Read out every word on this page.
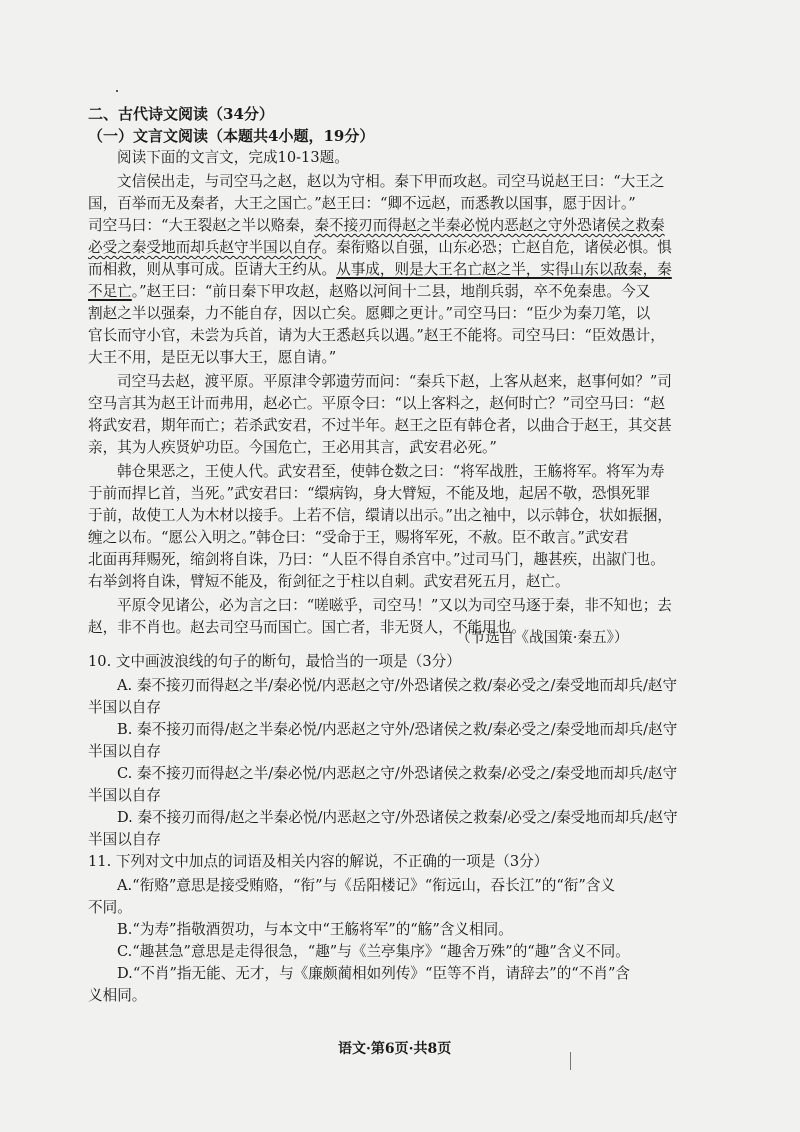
二、古代诗文阅读（34分）
（一）文言文阅读（本题共4小题，19分）
阅读下面的文言文，完成10-13题。
文信侯出走，与司空马之赵，赵以为守相。秦下甲而攻赵。司空马说赵王曰：“大王之
国，百举而无及秦者，大王之国亡。”赵王曰：“卿不远赵，而悉教以国事，愿于因计。”
司空马曰：“大王裂赵之半以赂秦，秦不接刃而得赵之半秦必悦内恶赵之守外恐诸侯之救秦
必受之秦受地而却兵赵守半国以自存。秦衔赂以自强，山东必恐；亡赵自危，诸侯必惧。惧
而相救，则从事可成。臣请大王约从。从事成，则是大王名亡赵之半，实得山东以敌秦，秦
不足亡。”赵王曰：“前日秦下甲攻赵，赵赂以河间十二县，地削兵弱，卒不免秦患。今又
割赵之半以强秦，力不能自存，因以亡矣。愿卿之更计。”司空马曰：“臣少为秦刀笔，以
官长而守小官，未尝为兵首，请为大王悉赵兵以遇。”赵王不能将。司空马曰：“臣效愚计，
大王不用，是臣无以事大王，愿自请。”
司空马去赵，渡平原。平原津令郭遗劳而问：“秦兵下赵，上客从赵来，赵事何如？”司
空马言其为赵王计而弗用，赵必亡。平原令曰：“以上客料之，赵何时亡？”司空马曰：“赵
将武安君，期年而亡；若杀武安君，不过半年。赵王之臣有韩仓者，以曲合于赵王，其交甚
亲，其为人疾贤妒功臣。今国危亡，王必用其言，武安君必死。”
韩仓果恶之，王使人代。武安君至，使韩仓数之曰：“将军战胜，王觞将军。将军为寿
于前而捍匕首，当死。”武安君曰：“缳病钩，身大臂短，不能及地，起居不敬，恐惧死罪
于前，故使工人为木材以接手。上若不信，缳请以出示。”出之袖中，以示韩仓，状如振捆，
缠之以布。“愿公入明之。”韩仓曰：“受命于王，赐将军死，不赦。臣不敢言。”武安君
北面再拜赐死，缩剑将自诛，乃曰：“人臣不得自杀宫中。”过司马门，趣甚疾，出諔门也。
右举剑将自诛，臂短不能及，衔剑征之于柱以自刺。武安君死五月，赵亡。
平原令见诸公，必为言之曰：“嗟嗞乎，司空马！”又以为司空马逐于秦，非不知也；去
赵，非不肖也。赵去司空马而国亡。国亡者，非无贤人，不能用也。
（节选自《战国策·秦五》）
10. 文中画波浪线的句子的断句，最恰当的一项是（3分）
A. 秦不接刃而得赵之半/秦必悦/内恶赵之守/外恐诸侯之救/秦必受之/秦受地而却兵/赵守
半国以自存
B. 秦不接刃而得/赵之半秦必悦/内恶赵之守外/恐诸侯之救/秦必受之/秦受地而却兵/赵守
半国以自存
C. 秦不接刃而得赵之半/秦必悦/内恶赵之守/外恐诸侯之救秦/必受之/秦受地而却兵/赵守
半国以自存
D. 秦不接刃而得/赵之半秦必悦/内恶赵之守/外恐诸侯之救秦/必受之/秦受地而却兵/赵守
半国以自存
11. 下列对文中加点的词语及相关内容的解说，不正确的一项是（3分）
A.“衔赂”意思是接受贿赂，“衔”与《岳阳楼记》“衔远山，吞长江”的“衔”含义
不同。
B.“为寿”指敬酒贺功，与本文中“王觞将军”的“觞”含义相同。
C.“趣甚急”意思是走得很急，“趣”与《兰亭集序》“趣舍万殊”的“趣”含义不同。
D.“不肖”指无能、无才，与《廉颇蔺相如列传》“臣等不肖，请辞去”的“不肖”含
义相同。
语文·第6页·共8页
